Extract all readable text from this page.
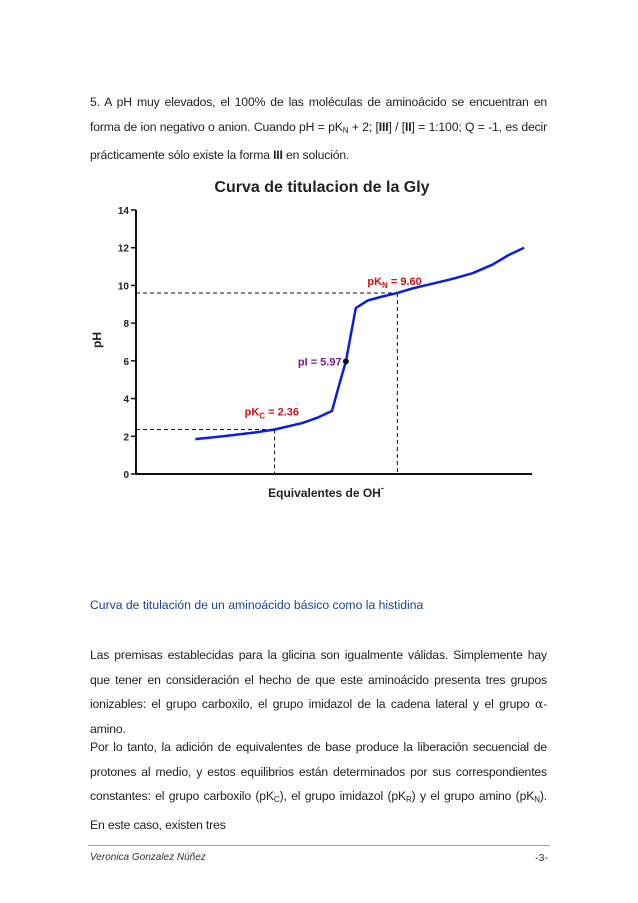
5. A pH muy elevados, el 100% de las moléculas de aminoácido se encuentran en forma de ion negativo o anion. Cuando pH = $pK_N + 2$; [III] / [II] = 1:100; Q = -1, es decir prácticamente sólo existe la forma III en solución.
Curva de titulacion de la Gly
pH
Equivalentes de OH-
0
2
4
6
8
10
12
14
$pK_C = 2.36$
pI = 5.97
$pK_N = 9.60$
Curva de titulación de un aminoácido básico como la histidina
Las premisas establecidas para la glicina son igualmente válidas. Simplemente hay que tener en consideración el hecho de que este aminoácido presenta tres grupos ionizables: el grupo carboxilo, el grupo imidazol de la cadena lateral y el grupo α-amino.
Por lo tanto, la adición de equivalentes de base produce la liberación secuencial de protones al medio, y estos equilibrios están determinados por sus correspondientes constantes: el grupo carboxilo $(pK_C)$, el grupo imidazol $(pK_R)$ y el grupo amino $(pK_N)$. En este caso, existen tres
Veronica Gonzalez Núñez	-3-
